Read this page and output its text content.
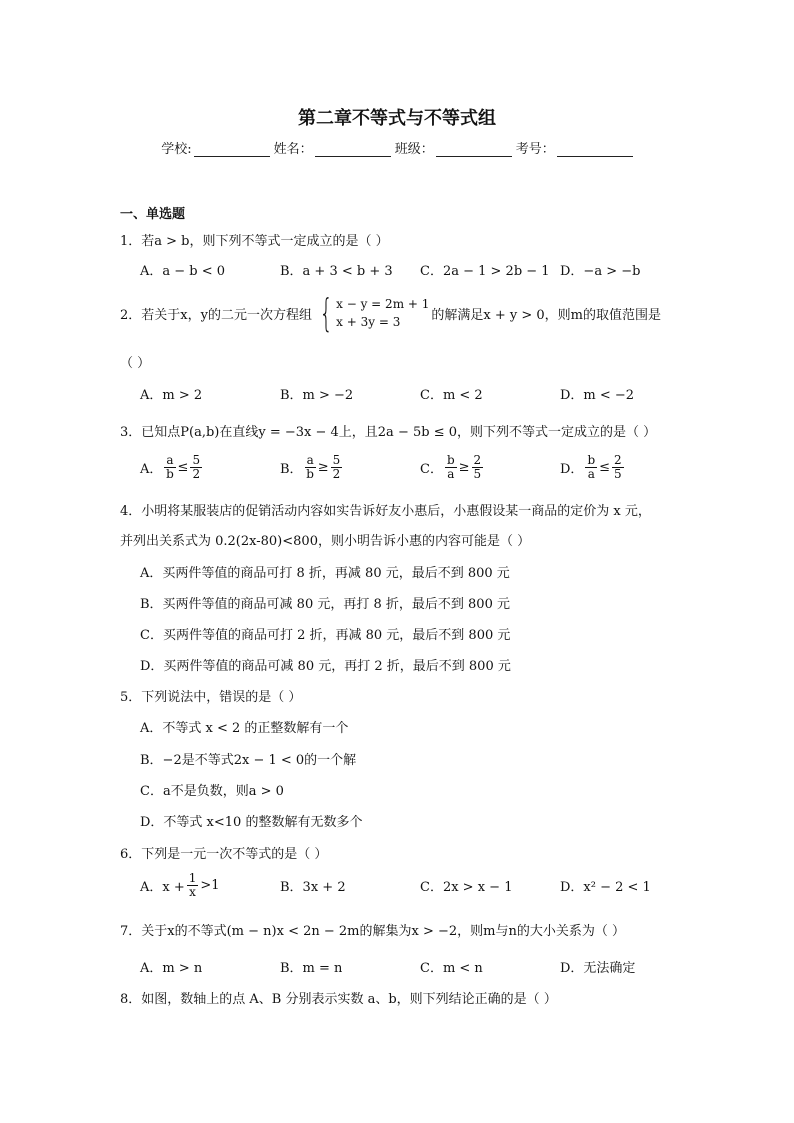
第二章不等式与不等式组
学校:	姓名：	班级：	考号：
一、单选题
1．若a > b，则下列不等式一定成立的是（ ）
A．a − b < 0	B．a + 3 < b + 3	C．2a − 1 > 2b − 1 D．−a > −b
2．若关于x，y的二元一次方程组 { x − y = 2m + 1
x + 3y = 3	的解满足x + y > 0，则m的取值范围是
（ ）
A．m > 2	B．m > −2	C．m < 2	D．m < −2
3．已知点P(a,b)在直线y = −3x − 4上，且2a − 5b ≤ 0，则下列不等式一定成立的是（ ）
A． $\frac{a}{b} \le \frac{5}{2}$	B． $\frac{a}{b} \ge \frac{5}{2}$	C． $\frac{b}{a} \ge \frac{2}{5}$	D． $\frac{b}{a} \le \frac{2}{5}$
4．小明将某服装店的促销活动内容如实告诉好友小惠后，小惠假设某一商品的定价为 x 元，
并列出关系式为 0.2(2x-80)<800，则小明告诉小惠的内容可能是（ ）
A．买两件等值的商品可打 8 折，再减 80 元，最后不到 800 元
B．买两件等值的商品可减 80 元，再打 8 折，最后不到 800 元
C．买两件等值的商品可打 2 折，再减 80 元，最后不到 800 元
D．买两件等值的商品可减 80 元，再打 2 折，最后不到 800 元
5．下列说法中，错误的是（ ）
A．不等式 x < 2 的正整数解有一个
B．−2是不等式2x − 1 < 0的一个解
C．a不是负数，则a > 0
D．不等式 x<10 的整数解有无数多个
6．下列是一元一次不等式的是（ ）
A．$x + \frac{1}{x} >1$	B．3x + 2	C．2x > x − 1	D．x² − 2 < 1
7．关于x的不等式(m − n)x < 2n − 2m的解集为x > −2，则m与n的大小关系为（ ）
A．m > n	B．m = n	C．m < n	D．无法确定
8．如图，数轴上的点 A、B 分别表示实数 a、b，则下列结论正确的是（ ）
